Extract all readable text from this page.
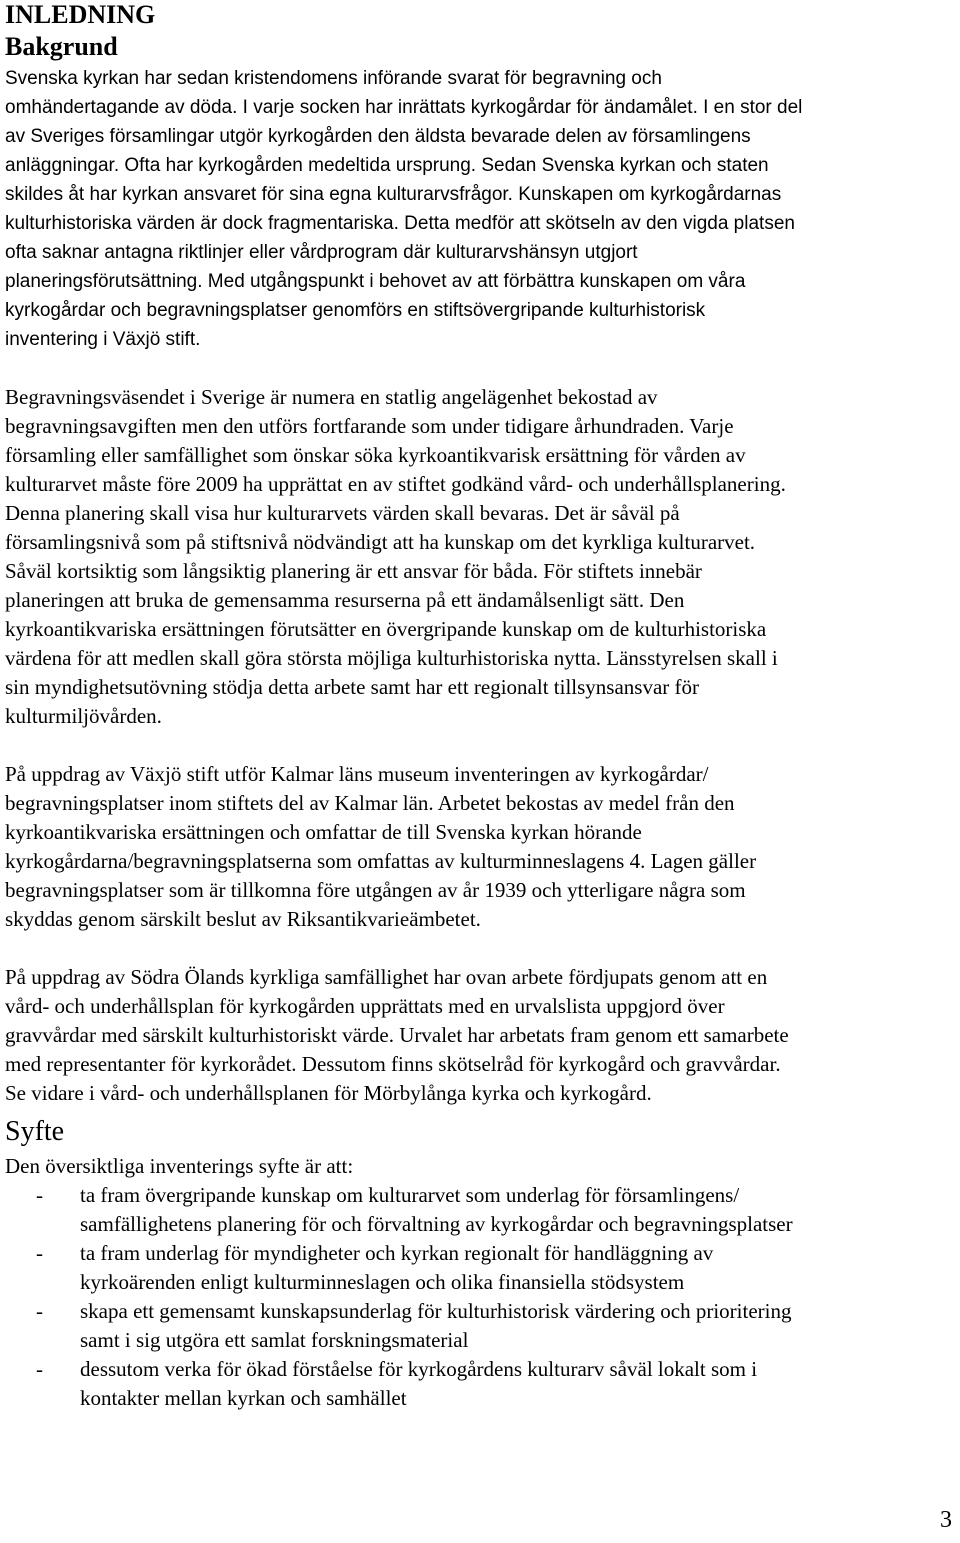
INLEDNING
Bakgrund

Svenska kyrkan har sedan kristendomens införande svarat för begravning och
omhändertagande av döda. I varje socken har inrättats kyrkogårdar för ändamålet. I en stor del
av Sveriges församlingar utgör kyrkogården den äldsta bevarade delen av församlingens
anläggningar. Ofta har kyrkogården medeltida ursprung. Sedan Svenska kyrkan och staten
skildes åt har kyrkan ansvaret för sina egna kulturarvsfrågor. Kunskapen om kyrkogårdarnas
kulturhistoriska värden är dock fragmentariska. Detta medför att skötseln av den vigda platsen
ofta saknar antagna riktlinjer eller vårdprogram där kulturarvshänsyn utgjort
planeringsförutsättning. Med utgångspunkt i behovet av att förbättra kunskapen om våra
kyrkogårdar och begravningsplatser genomförs en stiftsövergripande kulturhistorisk
inventering i Växjö stift.

Begravningsväsendet i Sverige är numera en statlig angelägenhet bekostad av
begravningsavgiften men den utförs fortfarande som under tidigare århundraden. Varje
församling eller samfällighet som önskar söka kyrkoantikvarisk ersättning för vården av
kulturarvet måste före 2009 ha upprättat en av stiftet godkänd vård- och underhållsplanering.
Denna planering skall visa hur kulturarvets värden skall bevaras. Det är såväl på
församlingsnivå som på stiftsnivå nödvändigt att ha kunskap om det kyrkliga kulturarvet.
Såväl kortsiktig som långsiktig planering är ett ansvar för båda. För stiftets innebär
planeringen att bruka de gemensamma resurserna på ett ändamålsenligt sätt. Den
kyrkoantikvariska ersättningen förutsätter en övergripande kunskap om de kulturhistoriska
värdena för att medlen skall göra största möjliga kulturhistoriska nytta. Länsstyrelsen skall i
sin myndighetsutövning stödja detta arbete samt har ett regionalt tillsynsansvar för
kulturmiljövården.

På uppdrag av Växjö stift utför Kalmar läns museum inventeringen av kyrkogårdar/
begravningsplatser inom stiftets del av Kalmar län. Arbetet bekostas av medel från den
kyrkoantikvariska ersättningen och omfattar de till Svenska kyrkan hörande
kyrkogårdarna/begravningsplatserna som omfattas av kulturminneslagens 4. Lagen gäller
begravningsplatser som är tillkomna före utgången av år 1939 och ytterligare några som
skyddas genom särskilt beslut av Riksantikvarieämbetet.

På uppdrag av Södra Ölands kyrkliga samfällighet har ovan arbete fördjupats genom att en
vård- och underhållsplan för kyrkogården upprättats med en urvalslista uppgjord över
gravvårdar med särskilt kulturhistoriskt värde. Urvalet har arbetats fram genom ett samarbete
med representanter för kyrkorådet. Dessutom finns skötselråd för kyrkogård och gravvårdar.
Se vidare i vård- och underhållsplanen för Mörbylånga kyrka och kyrkogård.

Syfte

Den översiktliga inventerings syfte är att:

- ta fram övergripande kunskap om kulturarvet som underlag för församlingens/
samfällighetens planering för och förvaltning av kyrkogårdar och begravningsplatser
- ta fram underlag för myndigheter och kyrkan regionalt för handläggning av
kyrkoärenden enligt kulturminneslagen och olika finansiella stödsystem
- skapa ett gemensamt kunskapsunderlag för kulturhistorisk värdering och prioritering
samt i sig utgöra ett samlat forskningsmaterial
- dessutom verka för ökad förståelse för kyrkogårdens kulturarv såväl lokalt som i
kontakter mellan kyrkan och samhället
3
